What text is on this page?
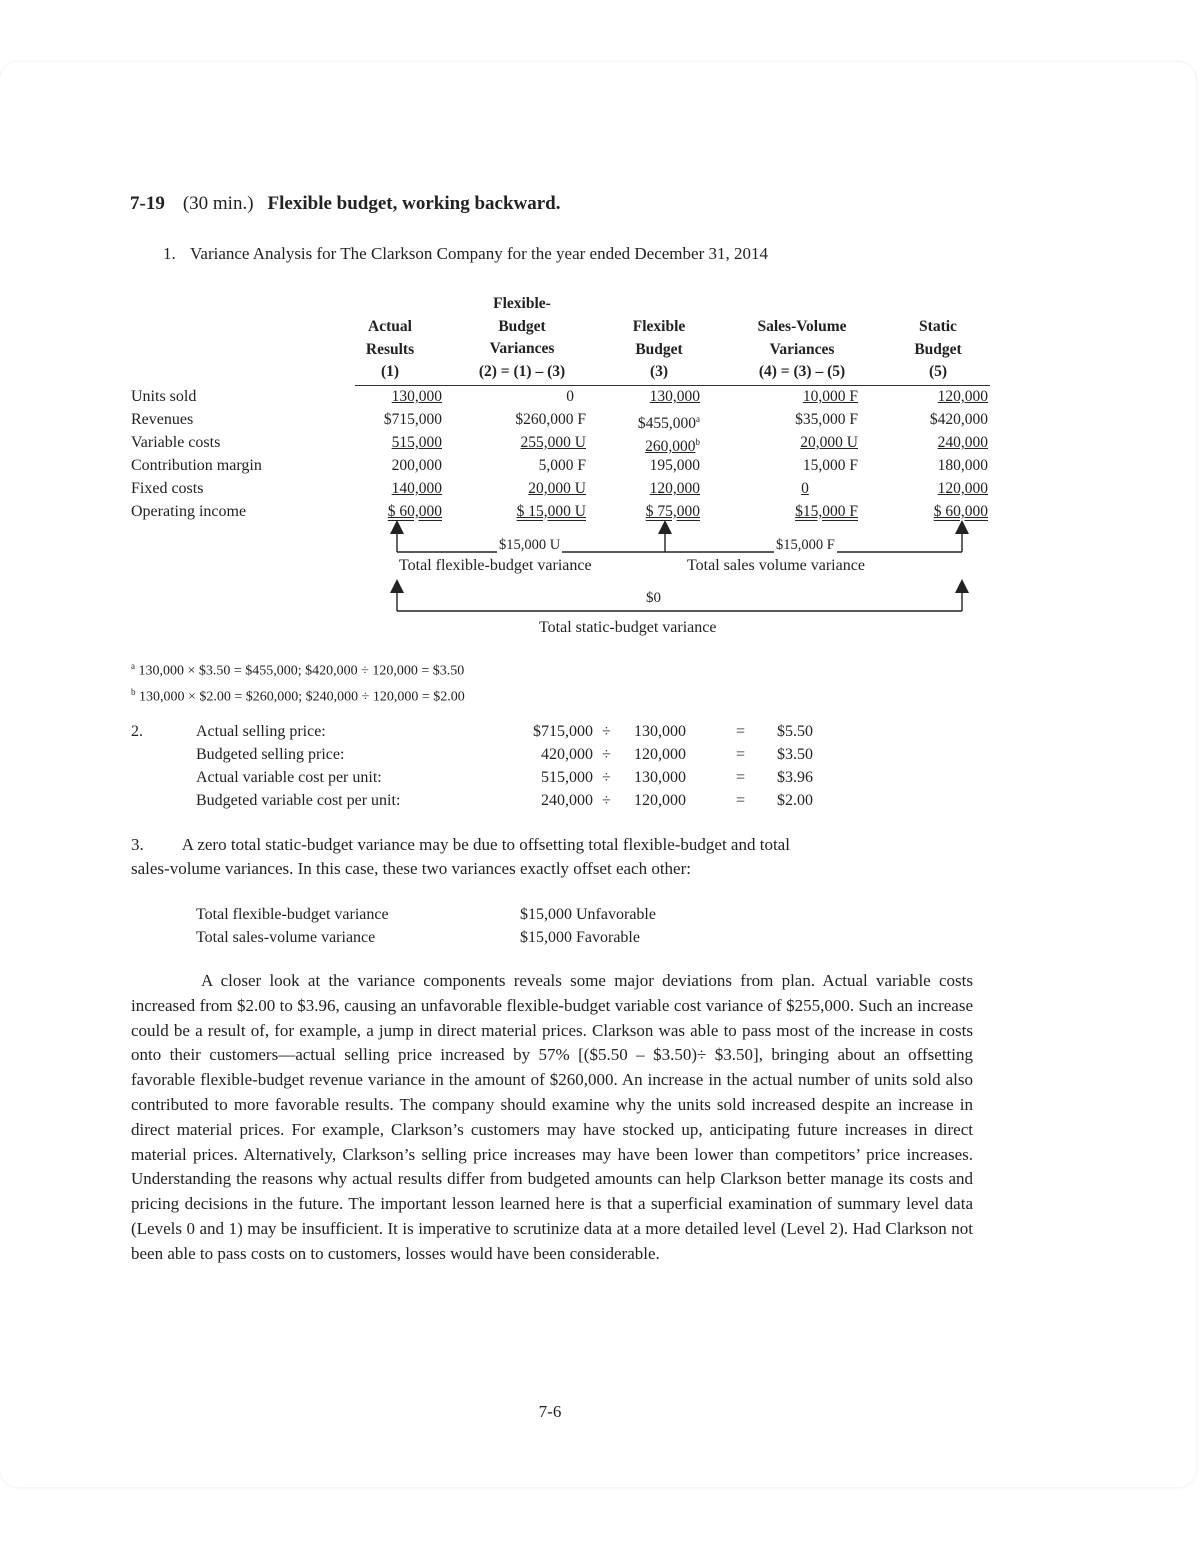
7-19 (30 min.) Flexible budget, working backward.
1. Variance Analysis for The Clarkson Company for the year ended December 31, 2014
Actual
Results
(1)
Flexible-
Budget
Variances
(2) = (1) – (3)
Flexible
Budget
(3)
Sales-Volume
Variances
(4) = (3) – (5)
Static
Budget
(5)
Units sold
Revenues
Variable costs
Contribution margin
Fixed costs
Operating income
130,000
$715,000
515,000
200,000
140,000
$ 60,000
0
$260,000 F
255,000 U
5,000 F
20,000 U
$ 15,000 U
130,000
$455,000$^a$
260,000$^b$
195,000
120,000
$ 75,000
10,000 F
$35,000 F
20,000 U
15,000 F
0
$15,000 F
120,000
$420,000
240,000
180,000
120,000
$ 60,000
$15,000 U
Total flexible-budget variance
$15,000 F
Total sales volume variance
$0
Total static-budget variance
$^a$ 130,000 × $3.50 = $455,000; $420,000 ÷ 120,000 = $3.50
$^b$ 130,000 × $2.00 = $260,000; $240,000 ÷ 120,000 = $2.00
2.	Actual selling price:
Budgeted selling price:
Actual variable cost per unit:
Budgeted variable cost per unit:
$715,000
420,000
515,000
240,000
÷
÷
÷
÷
130,000
120,000
130,000
120,000
=
=
=
=
$5.50
$3.50
$3.96
$2.00
3. A zero total static-budget variance may be due to offsetting total flexible-budget and total
sales-volume variances. In this case, these two variances exactly offset each other:
Total flexible-budget variance
Total sales-volume variance
$15,000 Unfavorable
$15,000 Favorable
A closer look at the variance components reveals some major deviations from plan. Actual variable costs increased from $2.00 to $3.96, causing an unfavorable flexible-budget variable cost variance of $255,000. Such an increase could be a result of, for example, a jump in direct material prices. Clarkson was able to pass most of the increase in costs onto their customers—actual selling price increased by 57% [($5.50 – $3.50)÷ $3.50], bringing about an offsetting favorable flexible-budget revenue variance in the amount of $260,000. An increase in the actual number of units sold also contributed to more favorable results. The company should examine why the units sold increased despite an increase in direct material prices. For example, Clarkson’s customers may have stocked up, anticipating future increases in direct material prices. Alternatively, Clarkson’s selling price increases may have been lower than competitors’ price increases. Understanding the reasons why actual results differ from budgeted amounts can help Clarkson better manage its costs and pricing decisions in the future. The important lesson learned here is that a superficial examination of summary level data (Levels 0 and 1) may be insufficient. It is imperative to scrutinize data at a more detailed level (Level 2). Had Clarkson not been able to pass costs on to customers, losses would have been considerable.
7-6
